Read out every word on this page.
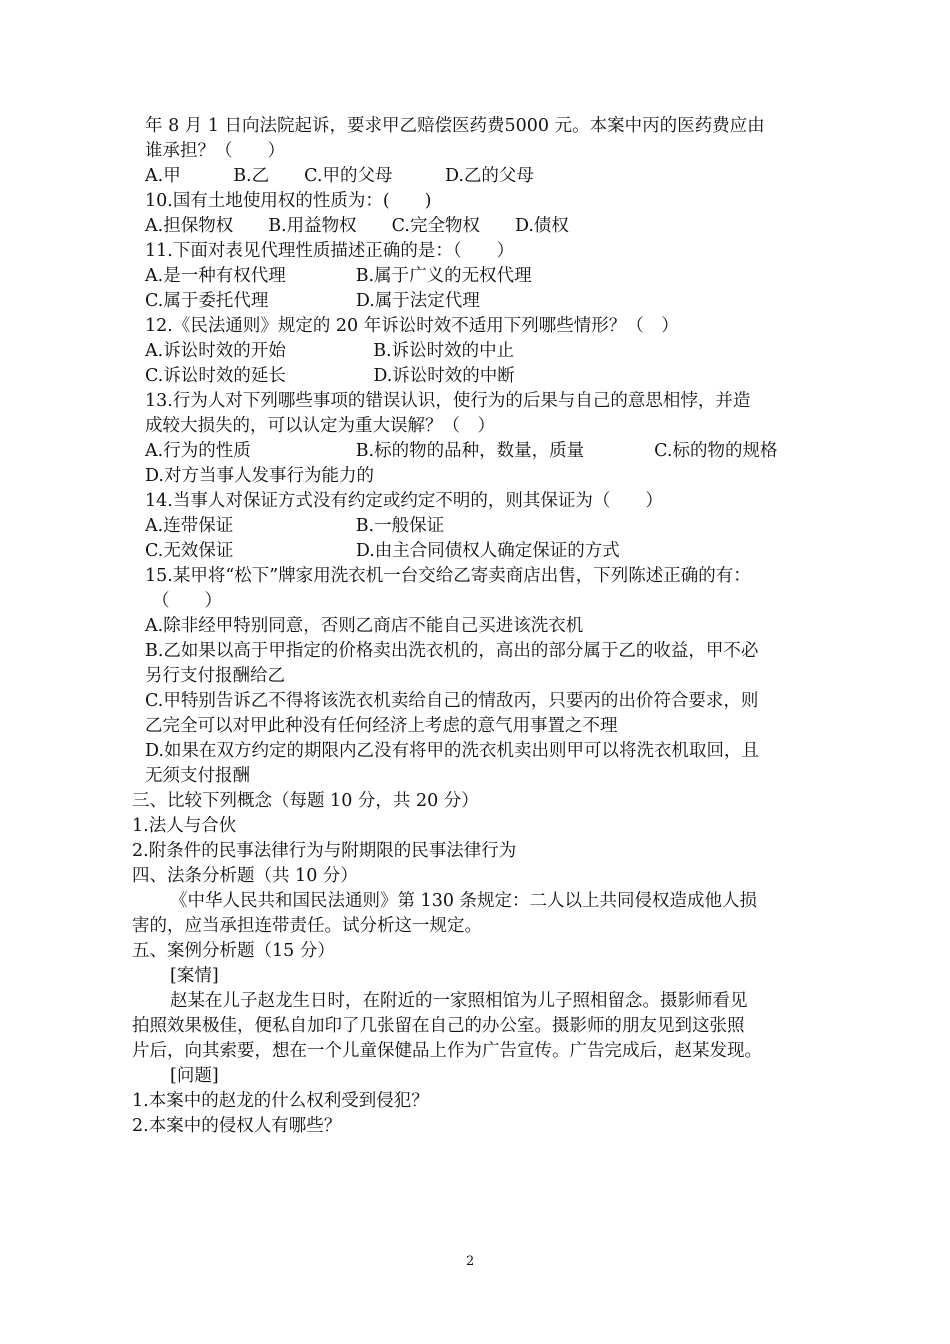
年 8 月 1 日向法院起诉，要求甲乙赔偿医药费5000 元。本案中丙的医药费应由
谁承担？（　　）
A.甲　　　B.乙　　C.甲的父母　　　D.乙的父母
10.国有土地使用权的性质为：(　　)
A.担保物权　　B.用益物权　　C.完全物权　　D.债权
11.下面对表见代理性质描述正确的是：（　　）
A.是一种有权代理　　　　B.属于广义的无权代理
C.属于委托代理　　　　　D.属于法定代理
12.《民法通则》规定的 20 年诉讼时效不适用下列哪些情形？（　）
A.诉讼时效的开始　　　　　B.诉讼时效的中止
C.诉讼时效的延长　　　　　D.诉讼时效的中断
13.行为人对下列哪些事项的错误认识，使行为的后果与自己的意思相悖，并造
成较大损失的，可以认定为重大误解？（　）
A.行为的性质　　　　　　B.标的物的品种，数量，质量　　　　C.标的物的规格
D.对方当事人发事行为能力的
14.当事人对保证方式没有约定或约定不明的，则其保证为（　　）
A.连带保证　　　　　　　B.一般保证
C.无效保证　　　　　　　D.由主合同债权人确定保证的方式
15.某甲将“松下”牌家用洗衣机一台交给乙寄卖商店出售，下列陈述正确的有：
（　　）
A.除非经甲特别同意，否则乙商店不能自己买进该洗衣机
B.乙如果以高于甲指定的价格卖出洗衣机的，高出的部分属于乙的收益，甲不必
另行支付报酬给乙
C.甲特别告诉乙不得将该洗衣机卖给自己的情敌丙，只要丙的出价符合要求，则
乙完全可以对甲此种没有任何经济上考虑的意气用事置之不理
D.如果在双方约定的期限内乙没有将甲的洗衣机卖出则甲可以将洗衣机取回，且
无须支付报酬
三、比较下列概念（每题 10 分，共 20 分）
1.法人与合伙
2.附条件的民事法律行为与附期限的民事法律行为
四、法条分析题（共 10 分）
《中华人民共和国民法通则》第 130 条规定：二人以上共同侵权造成他人损
害的，应当承担连带责任。试分析这一规定。
五、案例分析题（15 分）
[案情]
赵某在儿子赵龙生日时，在附近的一家照相馆为儿子照相留念。摄影师看见
拍照效果极佳，便私自加印了几张留在自己的办公室。摄影师的朋友见到这张照
片后，向其索要，想在一个儿童保健品上作为广告宣传。广告完成后，赵某发现。
[问题]
1.本案中的赵龙的什么权利受到侵犯？
2.本案中的侵权人有哪些？
2
